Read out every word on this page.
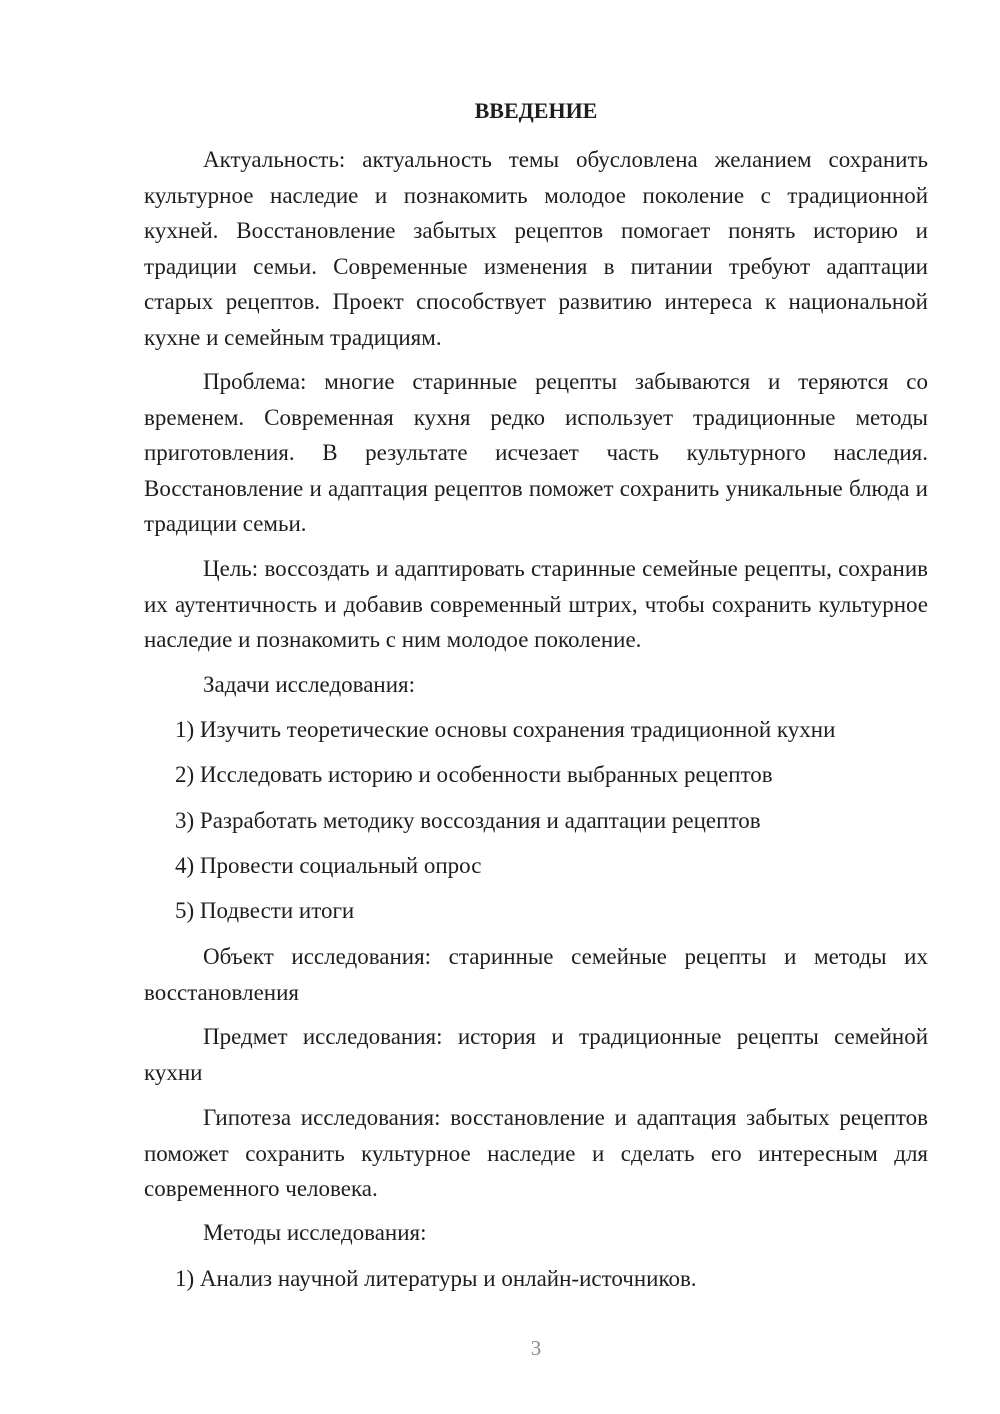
ВВЕДЕНИЕ

Актуальность: актуальность темы обусловлена желанием сохранить культурное наследие и познакомить молодое поколение с традиционной кухней. Восстановление забытых рецептов помогает понять историю и традиции семьи. Современные изменения в питании требуют адаптации старых рецептов. Проект способствует развитию интереса к национальной кухне и семейным традициям.

Проблема: многие старинные рецепты забываются и теряются со временем. Современная кухня редко использует традиционные методы приготовления. В результате исчезает часть культурного наследия. Восстановление и адаптация рецептов поможет сохранить уникальные блюда и традиции семьи.

Цель: воссоздать и адаптировать старинные семейные рецепты, сохранив их аутентичность и добавив современный штрих, чтобы сохранить культурное наследие и познакомить с ним молодое поколение.

Задачи исследования:

1) Изучить теоретические основы сохранения традиционной кухни

2) Исследовать историю и особенности выбранных рецептов

3) Разработать методику воссоздания и адаптации рецептов

4) Провести социальный опрос

5) Подвести итоги

Объект исследования: старинные семейные рецепты и методы их восстановления

Предмет исследования: история и традиционные рецепты семейной кухни

Гипотеза исследования: восстановление и адаптация забытых рецептов поможет сохранить культурное наследие и сделать его интересным для современного человека.

Методы исследования:

1) Анализ научной литературы и онлайн-источников.

3
